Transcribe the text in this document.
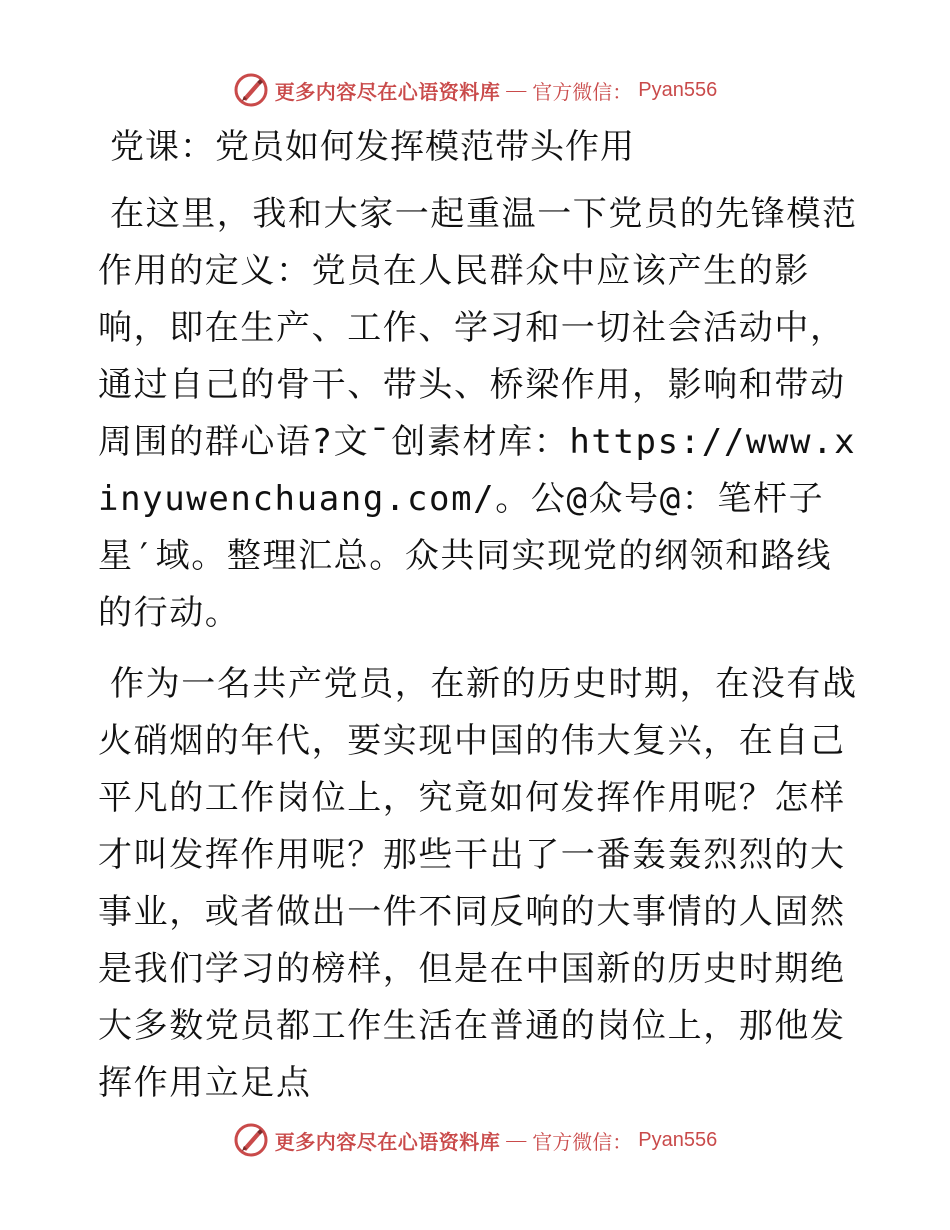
更多内容尽在心语资料库 — 官方微信： Pyan556
党课：党员如何发挥模范带头作用

在这里，我和大家一起重温一下党员的先锋模范作用的定义：党员在人民群众中应该产生的影响，即在生产、工作、学习和一切社会活动中，通过自己的骨干、带头、桥梁作用，影响和带动周围的群心语?文¯创素材库：https://www.xinyuwenchuang.com/。公@众号@：笔杆子星′域。整理汇总。众共同实现党的纲领和路线的行动。

作为一名共产党员，在新的历史时期，在没有战火硝烟的年代，要实现中国的伟大复兴，在自己平凡的工作岗位上，究竟如何发挥作用呢？怎样才叫发挥作用呢？那些干出了一番轰轰烈烈的大事业，或者做出一件不同反响的大事情的人固然是我们学习的榜样，但是在中国新的历史时期绝大多数党员都工作生活在普通的岗位上，那他发挥作用立足点

更多内容尽在心语资料库 — 官方微信： Pyan556
